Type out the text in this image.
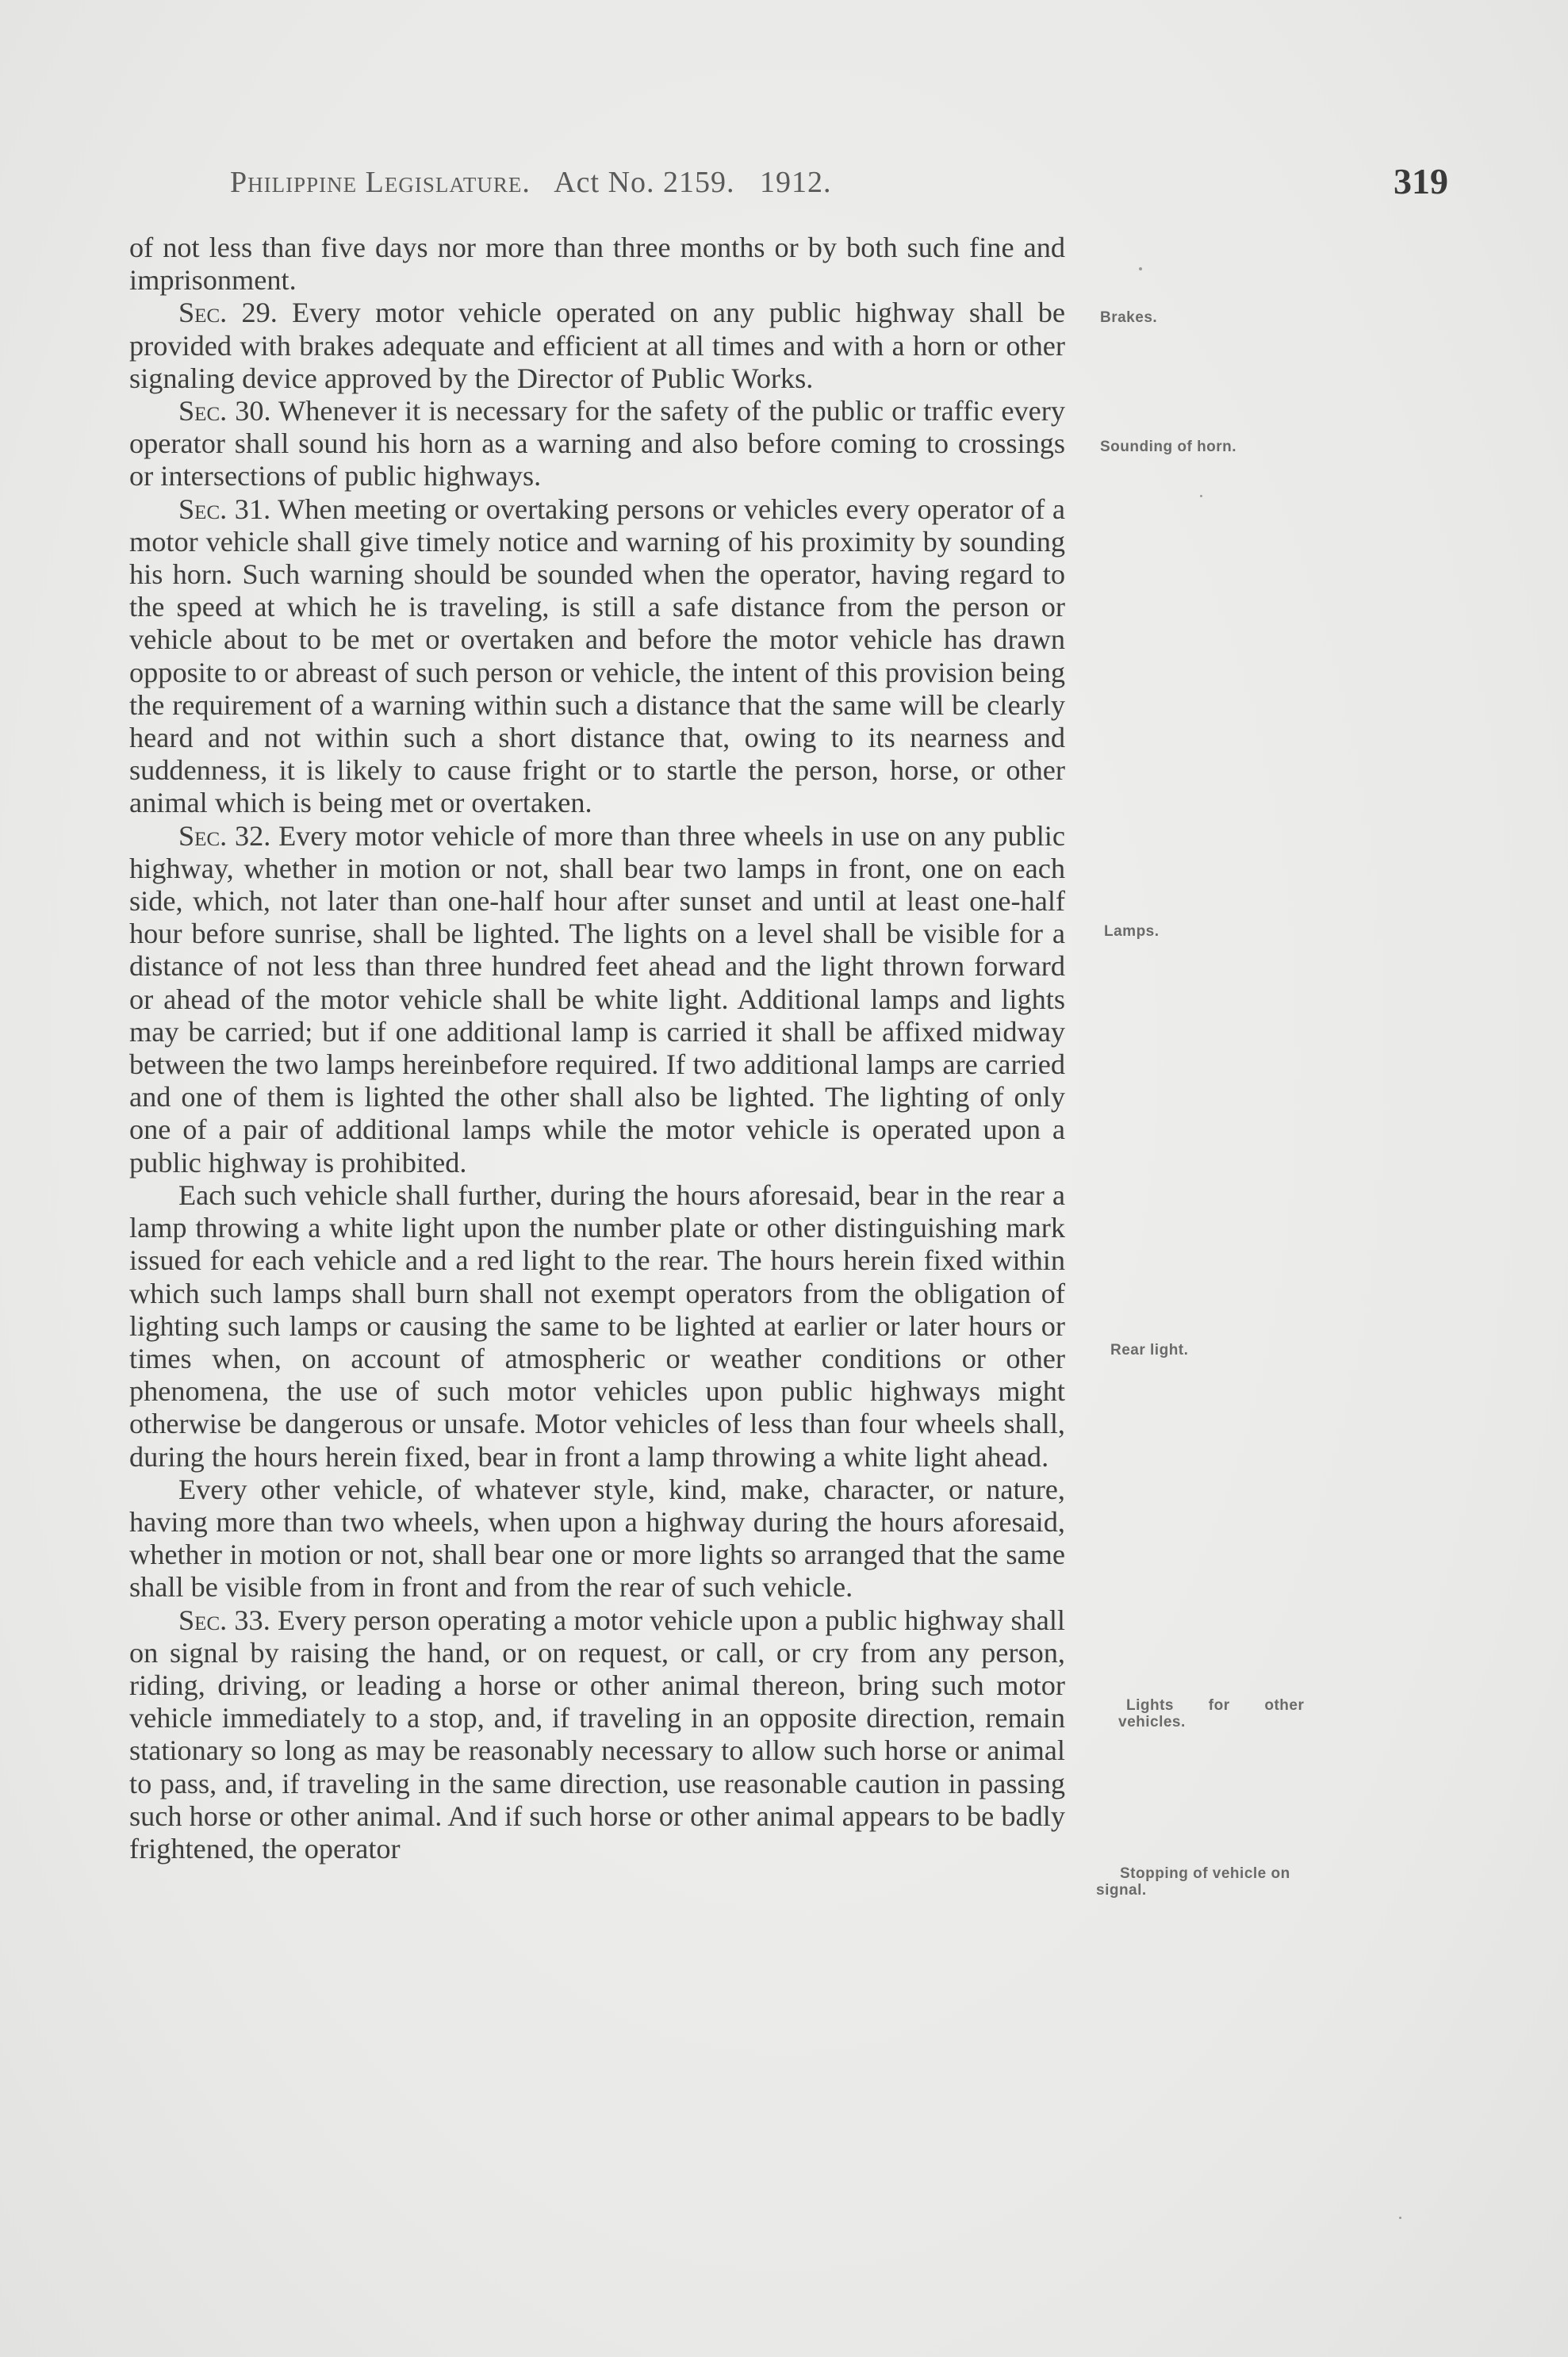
Philippine Legislature. Act No. 2159. 1912.	319

of not less than five days nor more than three months or by both such fine and imprisonment.

Sec. 29. Every motor vehicle operated on any public highway shall be provided with brakes adequate and efficient at all times and with a horn or other signaling device approved by the Director of Public Works.

Sec. 30. Whenever it is necessary for the safety of the public or traffic every operator shall sound his horn as a warning and also before coming to crossings or intersections of public highways.

Sec. 31. When meeting or overtaking persons or vehicles every operator of a motor vehicle shall give timely notice and warning of his proximity by sounding his horn. Such warning should be sounded when the operator, having regard to the speed at which he is traveling, is still a safe distance from the person or vehicle about to be met or overtaken and before the motor vehicle has drawn opposite to or abreast of such person or vehicle, the intent of this provision being the requirement of a warning within such a distance that the same will be clearly heard and not within such a short distance that, owing to its nearness and suddenness, it is likely to cause fright or to startle the person, horse, or other animal which is being met or overtaken.

Sec. 32. Every motor vehicle of more than three wheels in use on any public highway, whether in motion or not, shall bear two lamps in front, one on each side, which, not later than one-half hour after sunset and until at least one-half hour before sunrise, shall be lighted. The lights on a level shall be visible for a distance of not less than three hundred feet ahead and the light thrown forward or ahead of the motor vehicle shall be white light. Additional lamps and lights may be carried; but if one additional lamp is carried it shall be affixed midway between the two lamps hereinbefore required. If two additional lamps are carried and one of them is lighted the other shall also be lighted. The lighting of only one of a pair of additional lamps while the motor vehicle is operated upon a public highway is prohibited.

Each such vehicle shall further, during the hours aforesaid, bear in the rear a lamp throwing a white light upon the number plate or other distinguishing mark issued for each vehicle and a red light to the rear. The hours herein fixed within which such lamps shall burn shall not exempt operators from the obligation of lighting such lamps or causing the same to be lighted at earlier or later hours or times when, on account of atmospheric or weather conditions or other phenomena, the use of such motor vehicles upon public highways might otherwise be dangerous or unsafe. Motor vehicles of less than four wheels shall, during the hours herein fixed, bear in front a lamp throwing a white light ahead.

Every other vehicle, of whatever style, kind, make, character, or nature, having more than two wheels, when upon a highway during the hours aforesaid, whether in motion or not, shall bear one or more lights so arranged that the same shall be visible from in front and from the rear of such vehicle.

Sec. 33. Every person operating a motor vehicle upon a public highway shall on signal by raising the hand, or on request, or call, or cry from any person, riding, driving, or leading a horse or other animal thereon, bring such motor vehicle immediately to a stop, and, if traveling in an opposite direction, remain stationary so long as may be reasonably necessary to allow such horse or animal to pass, and, if traveling in the same direction, use reasonable caution in passing such horse or other animal. And if such horse or other animal appears to be badly frightened, the operator

Brakes.
Sounding of horn.
Lamps.
Rear light.
Lights for other vehicles.
Stopping of vehicle on signal.
